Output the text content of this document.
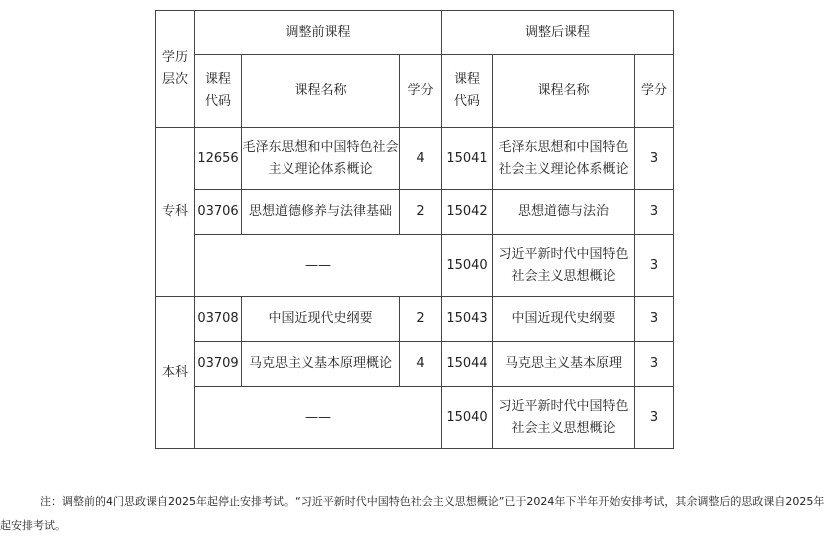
学历层次	调整前课程			调整后课程		
	课程代码	课程名称	学分	课程代码	课程名称	学分
专科	12656	毛泽东思想和中国特色社会主义理论体系概论	4	15041	毛泽东思想和中国特色社会主义理论体系概论	3
	03706	思想道德修养与法律基础	2	15042	思想道德与法治	3
	——			15040	习近平新时代中国特色社会主义思想概论	3
本科	03708	中国近现代史纲要	2	15043	中国近现代史纲要	3
	03709	马克思主义基本原理概论	4	15044	马克思主义基本原理	3
	——			15040	习近平新时代中国特色社会主义思想概论	3
注：调整前的4门思政课自2025年起停止安排考试。“习近平新时代中国特色社会主义思想概论”已于2024年下半年开始安排考试，其余调整后的思政课自2025年起安排考试。
